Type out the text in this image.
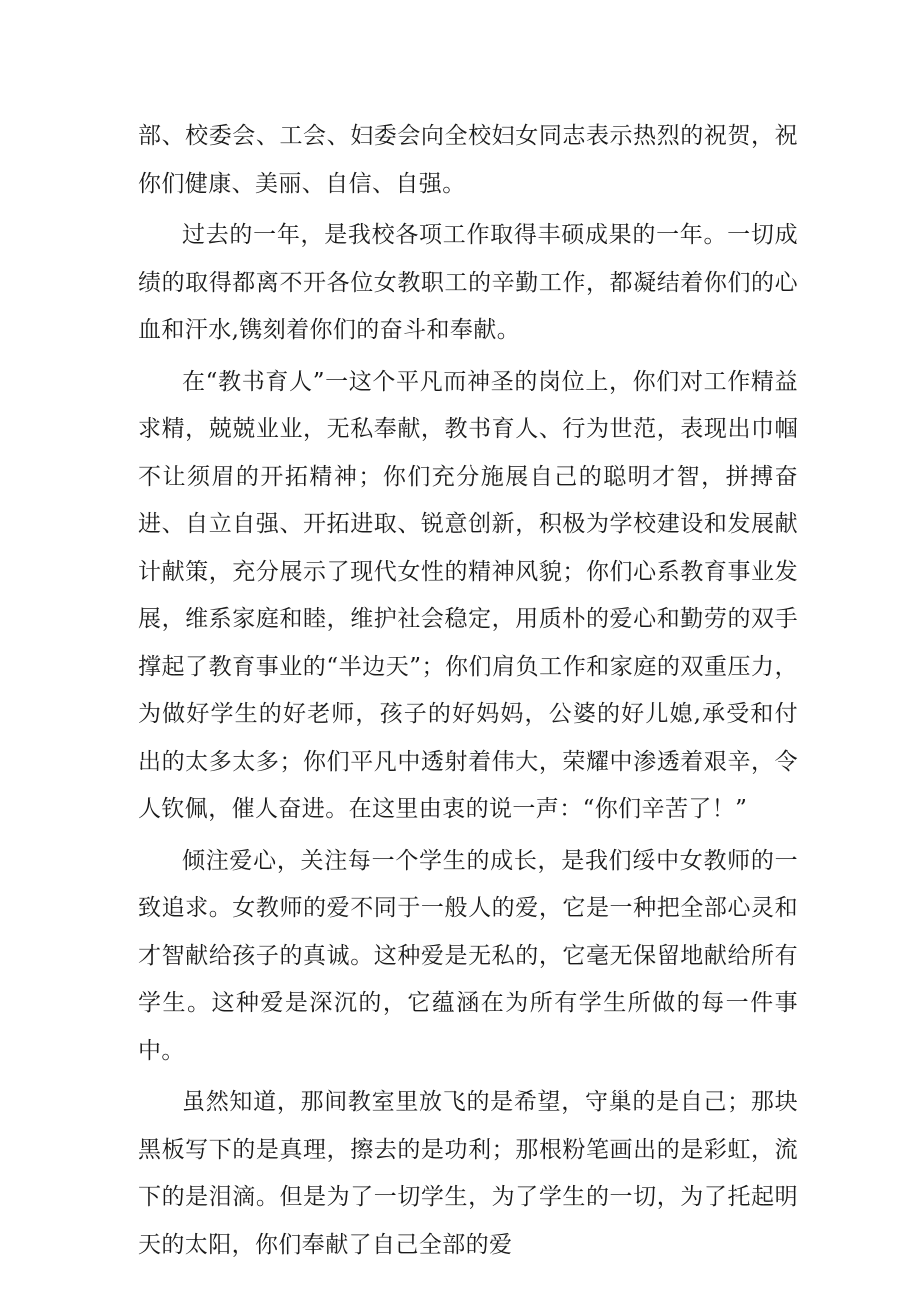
部、校委会、工会、妇委会向全校妇女同志表示热烈的祝贺，祝你们健康、美丽、自信、自强。

过去的一年，是我校各项工作取得丰硕成果的一年。一切成绩的取得都离不开各位女教职工的辛勤工作，都凝结着你们的心血和汗水,镌刻着你们的奋斗和奉献。

在“教书育人”一这个平凡而神圣的岗位上，你们对工作精益求精，兢兢业业，无私奉献，教书育人、行为世范，表现出巾帼不让须眉的开拓精神；你们充分施展自己的聪明才智，拼搏奋进、自立自强、开拓进取、锐意创新，积极为学校建设和发展献计献策，充分展示了现代女性的精神风貌；你们心系教育事业发展，维系家庭和睦，维护社会稳定，用质朴的爱心和勤劳的双手撑起了教育事业的“半边天”；你们肩负工作和家庭的双重压力，为做好学生的好老师，孩子的好妈妈，公婆的好儿媳,承受和付出的太多太多；你们平凡中透射着伟大，荣耀中渗透着艰辛，令人钦佩，催人奋进。在这里由衷的说一声：“你们辛苦了！”

倾注爱心，关注每一个学生的成长，是我们绥中女教师的一致追求。女教师的爱不同于一般人的爱，它是一种把全部心灵和才智献给孩子的真诚。这种爱是无私的，它毫无保留地献给所有学生。这种爱是深沉的，它蕴涵在为所有学生所做的每一件事中。

虽然知道，那间教室里放飞的是希望，守巢的是自己；那块黑板写下的是真理，擦去的是功利；那根粉笔画出的是彩虹，流下的是泪滴。但是为了一切学生，为了学生的一切，为了托起明天的太阳，你们奉献了自己全部的爱
